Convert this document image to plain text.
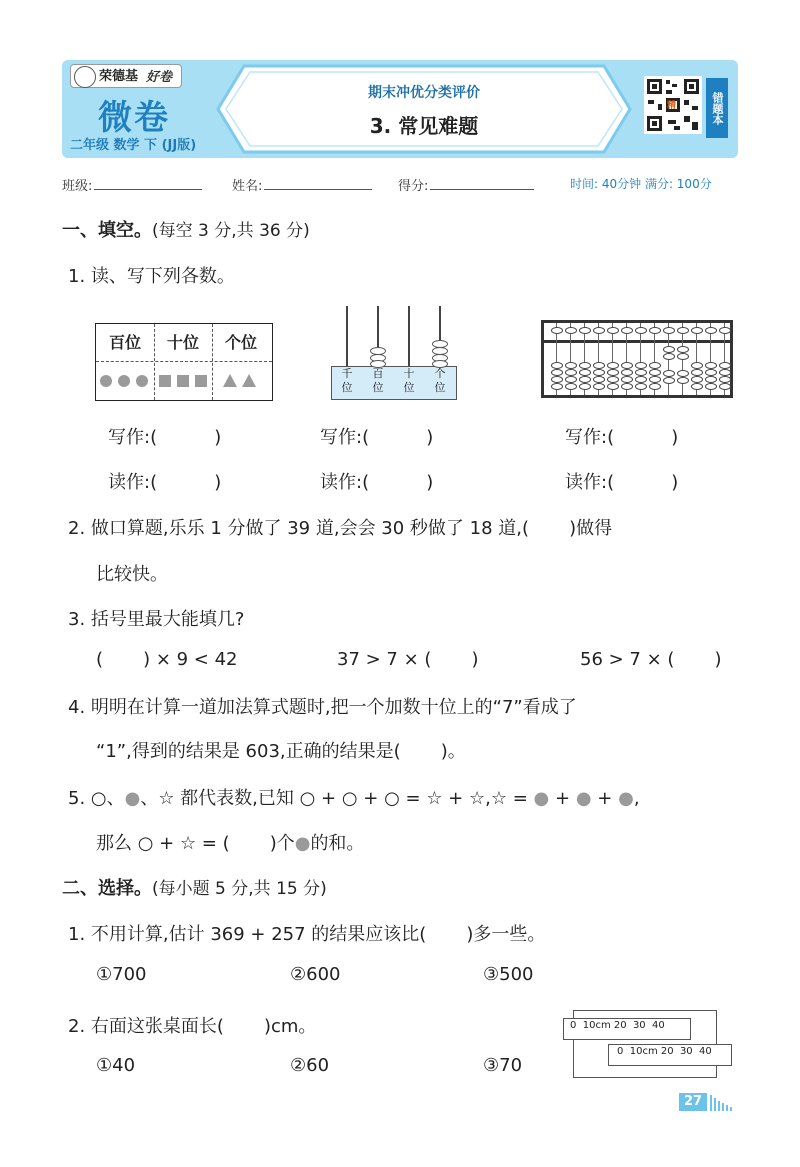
荣德基 好卷
微卷
二年级 数学 下 (JJ版)
期末冲优分类评价
3. 常见难题
精	错题本
班级:	姓名:	得分:	时间: 40分钟 满分: 100分
一、填空。(每空 3 分,共 36 分)
1. 读、写下列各数。
百位	十位	个位
千
位
百
位
十
位
个
位
写作:(          )	写作:(          )	写作:(          )
读作:(          )	读作:(          )	读作:(          )
2. 做口算题,乐乐 1 分做了 39 道,会会 30 秒做了 18 道,(       )做得
比较快。
3. 括号里最大能填几?
(       ) × 9 < 42	37 > 7 × (       )	56 > 7 × (       )
4. 明明在计算一道加法算式题时,把一个加数十位上的“7”看成了
“1”,得到的结果是 603,正确的结果是(       )。
5. ○、●、☆ 都代表数,已知 ○ + ○ + ○ = ☆ + ☆,☆ = ● + ● + ●,
那么 ○ + ☆ = (       )个●的和。
二、选择。(每小题 5 分,共 15 分)
1. 不用计算,估计 369 + 257 的结果应该比(       )多一些。
①700	②600	③500
2. 右面这张桌面长(       )cm。
①40	②60	③70
0  10cm 20  30  40
0  10cm 20  30  40
27
